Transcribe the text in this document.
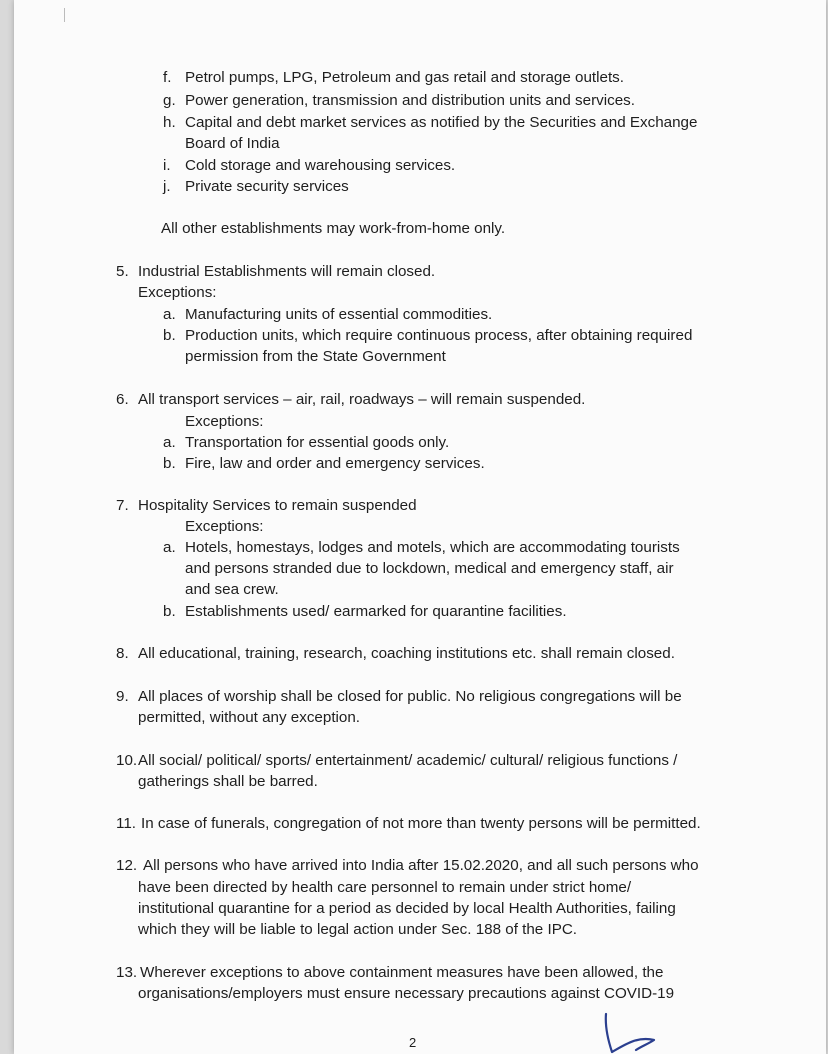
f. Petrol pumps, LPG, Petroleum and gas retail and storage outlets.
g. Power generation, transmission and distribution units and services.
h. Capital and debt market services as notified by the Securities and Exchange
Board of India
i. Cold storage and warehousing services.
j. Private security services
All other establishments may work-from-home only.
5. Industrial Establishments will remain closed.
Exceptions:
a. Manufacturing units of essential commodities.
b. Production units, which require continuous process, after obtaining required
permission from the State Government
6. All transport services – air, rail, roadways – will remain suspended.
Exceptions:
a. Transportation for essential goods only.
b. Fire, law and order and emergency services.
7. Hospitality Services to remain suspended
Exceptions:
a. Hotels, homestays, lodges and motels, which are accommodating tourists
and persons stranded due to lockdown, medical and emergency staff, air
and sea crew.
b. Establishments used/ earmarked for quarantine facilities.
8. All educational, training, research, coaching institutions etc. shall remain closed.
9. All places of worship shall be closed for public. No religious congregations will be
permitted, without any exception.
10. All social/ political/ sports/ entertainment/ academic/ cultural/ religious functions /
gatherings shall be barred.
11. In case of funerals, congregation of not more than twenty persons will be permitted.
12. All persons who have arrived into India after 15.02.2020, and all such persons who
have been directed by health care personnel to remain under strict home/
institutional quarantine for a period as decided by local Health Authorities, failing
which they will be liable to legal action under Sec. 188 of the IPC.
13. Wherever exceptions to above containment measures have been allowed, the
organisations/employers must ensure necessary precautions against COVID-19
2
